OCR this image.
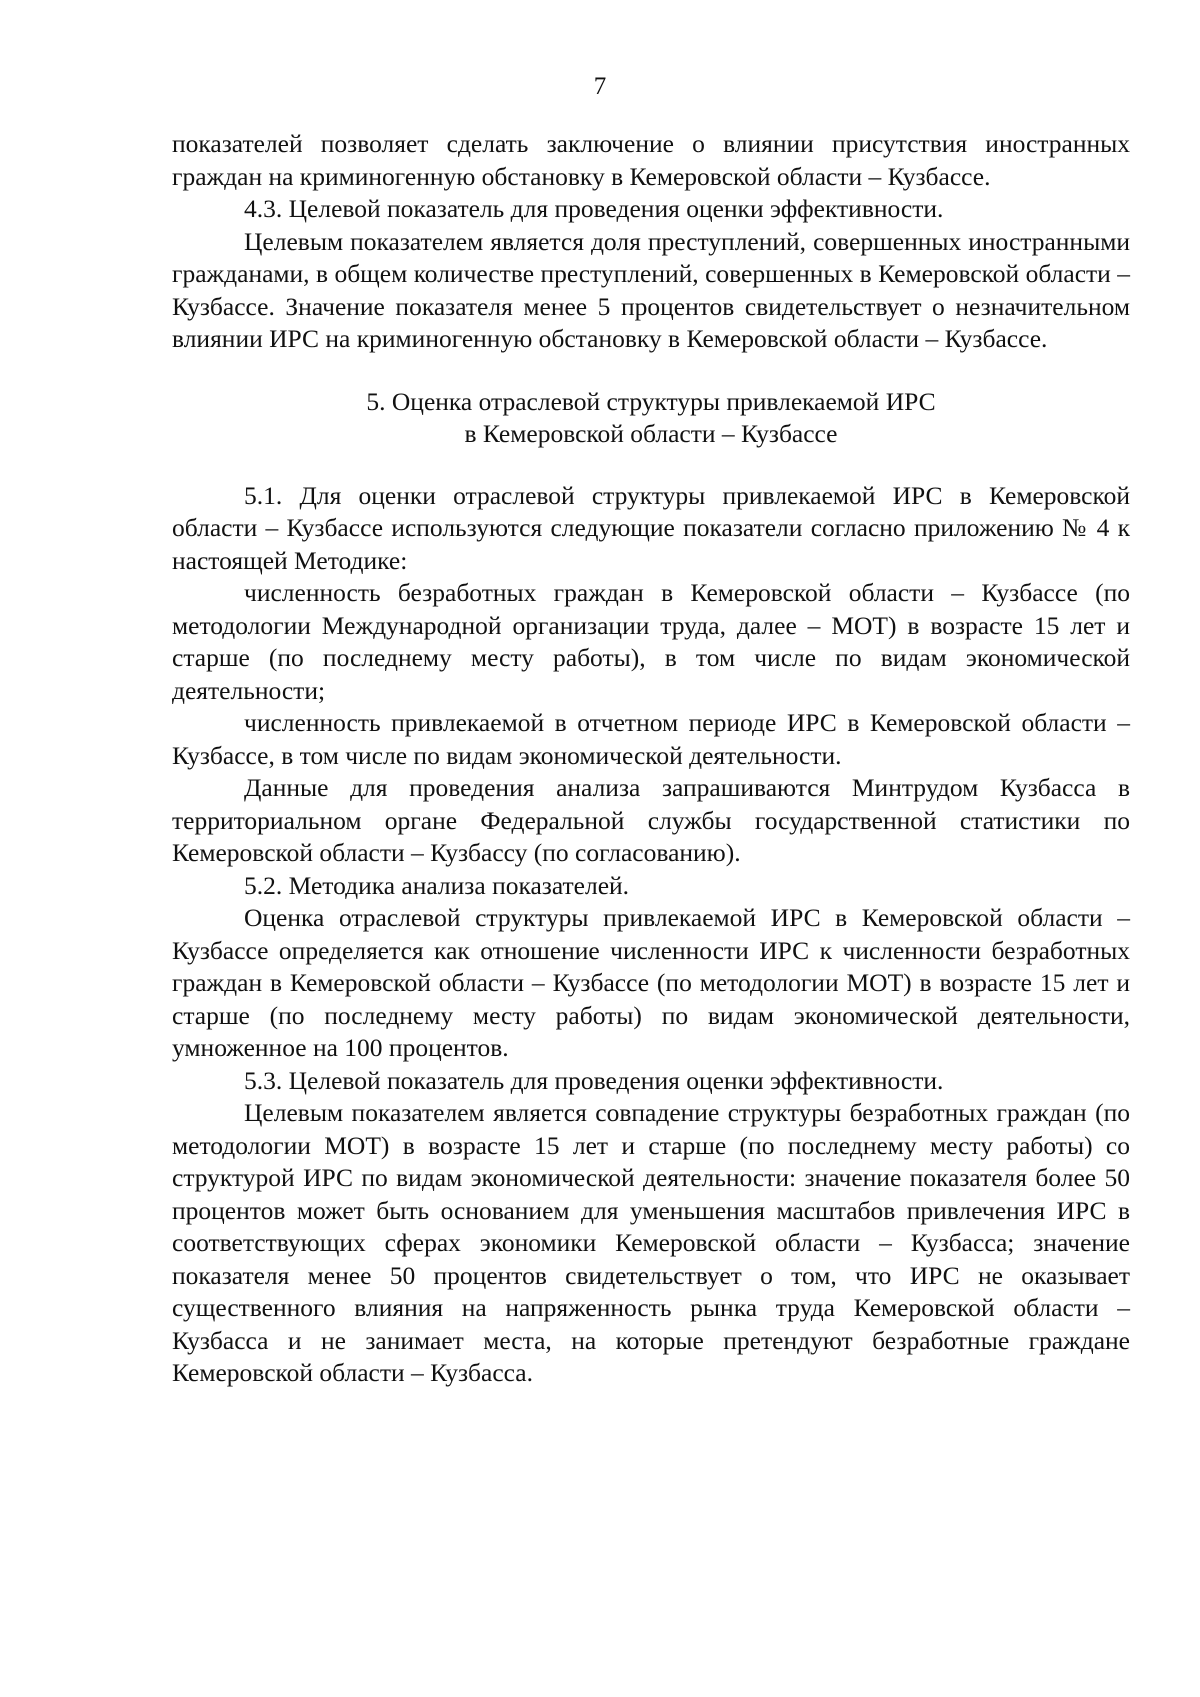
7

показателей позволяет сделать заключение о влиянии присутствия иностранных граждан на криминогенную обстановку в Кемеровской области – Кузбассе.

4.3. Целевой показатель для проведения оценки эффективности.

Целевым показателем является доля преступлений, совершенных иностранными гражданами, в общем количестве преступлений, совершенных в Кемеровской области – Кузбассе. Значение показателя менее 5 процентов свидетельствует о незначительном влиянии ИРС на криминогенную обстановку в Кемеровской области – Кузбассе.

5. Оценка отраслевой структуры привлекаемой ИРС
в Кемеровской области – Кузбассе

5.1. Для оценки отраслевой структуры привлекаемой ИРС в Кемеровской области – Кузбассе используются следующие показатели согласно приложению № 4 к настоящей Методике:

численность безработных граждан в Кемеровской области – Кузбассе (по методологии Международной организации труда, далее – МОТ) в возрасте 15 лет и старше (по последнему месту работы), в том числе по видам экономической деятельности;

численность привлекаемой в отчетном периоде ИРС в Кемеровской области – Кузбассе, в том числе по видам экономической деятельности.

Данные для проведения анализа запрашиваются Минтрудом Кузбасса в территориальном органе Федеральной службы государственной статистики по Кемеровской области – Кузбассу (по согласованию).

5.2. Методика анализа показателей.

Оценка отраслевой структуры привлекаемой ИРС в Кемеровской области – Кузбассе определяется как отношение численности ИРС к численности безработных граждан в Кемеровской области – Кузбассе (по методологии МОТ) в возрасте 15 лет и старше (по последнему месту работы) по видам экономической деятельности, умноженное на 100 процентов.

5.3. Целевой показатель для проведения оценки эффективности.

Целевым показателем является совпадение структуры безработных граждан (по методологии МОТ) в возрасте 15 лет и старше (по последнему месту работы) со структурой ИРС по видам экономической деятельности: значение показателя более 50 процентов может быть основанием для уменьшения масштабов привлечения ИРС в соответствующих сферах экономики Кемеровской области – Кузбасса; значение показателя менее 50 процентов свидетельствует о том, что ИРС не оказывает существенного влияния на напряженность рынка труда Кемеровской области – Кузбасса и не занимает места, на которые претендуют безработные граждане Кемеровской области – Кузбасса.
